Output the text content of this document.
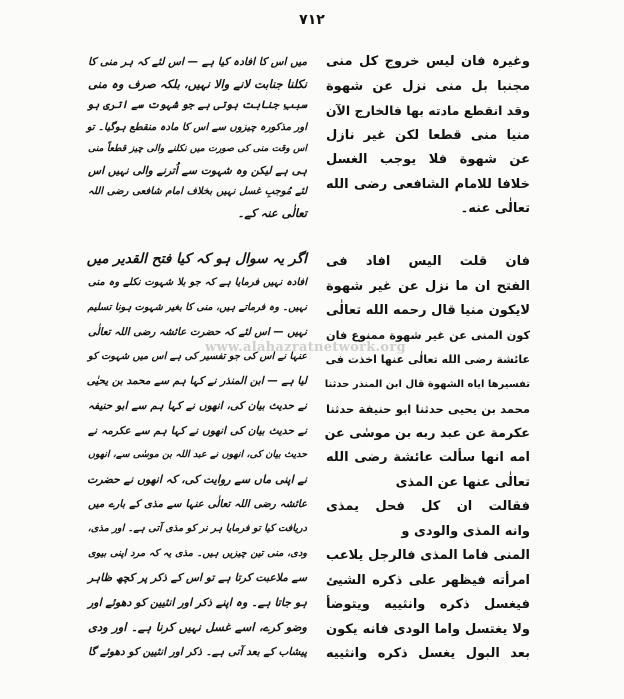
۷۱۲
وغیرہ فان لیس خروج کل منی
مجنبا بل منی نزل عن شهوة
وقد انقطع مادته بها فالخارج الآن
منیا منی قطعا لکن غیر نازل
عن شهوة فلا یوجب الغسل
خلافا للامام الشافعی رضی الله
تعالٰی عنه۔
فان قلت الیس افاد فی
الفتح ان ما نزل عن غیر شهوة
لایکون منیا قال رحمه الله تعالٰی
کون المنی عن غیر شهوة ممنوع فان
عائشة رضی الله تعالٰی عنها اخذت فی
تفسیرها ایاه الشهوة قال ابن المنذر حدثنا
محمد بن یحیی حدثنا ابو حنیفة حدثنا
عکرمة عن عبد ربه بن موسٰی عن
امه انها سألت عائشة رضی الله
تعالٰی عنها عن المذی
فقالت ان کل فحل یمذی
وانه المذی والودی و
المنی فاما المذی فالرجل یلاعب
امرأته فیظهر علی ذکره الشیئ
فیغسل ذکره وانثییه ویتوضأ
ولا یغتسل واما الودی فانه یکون
بعد البول یغسل ذکره وانثییه
میں اس کا افادہ کیا ہے — اس لئے کہ ہر منی کا
نکلنا جنابت لانے والا نہیں، بلکہ صرف وہ منی
سببِ جنابت ہوتی ہے جو شہوت سے اتری ہو
اور مذکورہ چیزوں سے اس کا مادہ منقطع ہوگیا۔ تو
اس وقت منی کی صورت میں نکلنے والی چیز قطعاً منی
ہی ہے لیکن وہ شہوت سے اُترنے والی نہیں اس
لئے مُوجبِ غسل نہیں بخلاف امام شافعی رضی اللہ
تعالٰی عنہ کے۔
اگر یہ سوال ہو کہ کیا فتح القدیر میں
افادہ نہیں فرمایا ہے کہ جو بلا شہوت نکلے وہ منی
نہیں۔ وہ فرماتے ہیں، منی کا بغیر شہوت ہونا تسلیم
نہیں — اس لئے کہ حضرت عائشہ رضی اللہ تعالٰی
عنہا نے اس کی جو تفسیر کی ہے اس میں شہوت کو
لیا ہے — ابن المنذر نے کہا ہم سے محمد بن یحیٰی
نے حدیث بیان کی، انھوں نے کہا ہم سے ابو حنیفہ
نے حدیث بیان کی انھوں نے کہا ہم سے عکرمہ نے
حدیث بیان کی، انھوں نے عبد اللہ بن موسٰی سے، انھوں
نے اپنی ماں سے روایت کی، کہ انھوں نے حضرت
عائشہ رضی اللہ تعالٰی عنہا سے مذی کے بارے میں
دریافت کیا تو فرمایا ہر نر کو مذی آتی ہے۔ اور مذی،
ودی، منی تین چیزیں ہیں۔ مذی یہ کہ مرد اپنی بیوی
سے ملاعبت کرتا ہے تو اس کے ذکر پر کچھ ظاہر
ہو جاتا ہے۔ وہ اپنے ذکر اور انثیین کو دھوئے اور
وضو کرے، اسے غسل نہیں کرنا ہے۔ اور ودی
پیشاب کے بعد آتی ہے۔ ذکر اور انثیین کو دھوئے گا
www.alahazratnetwork.org
